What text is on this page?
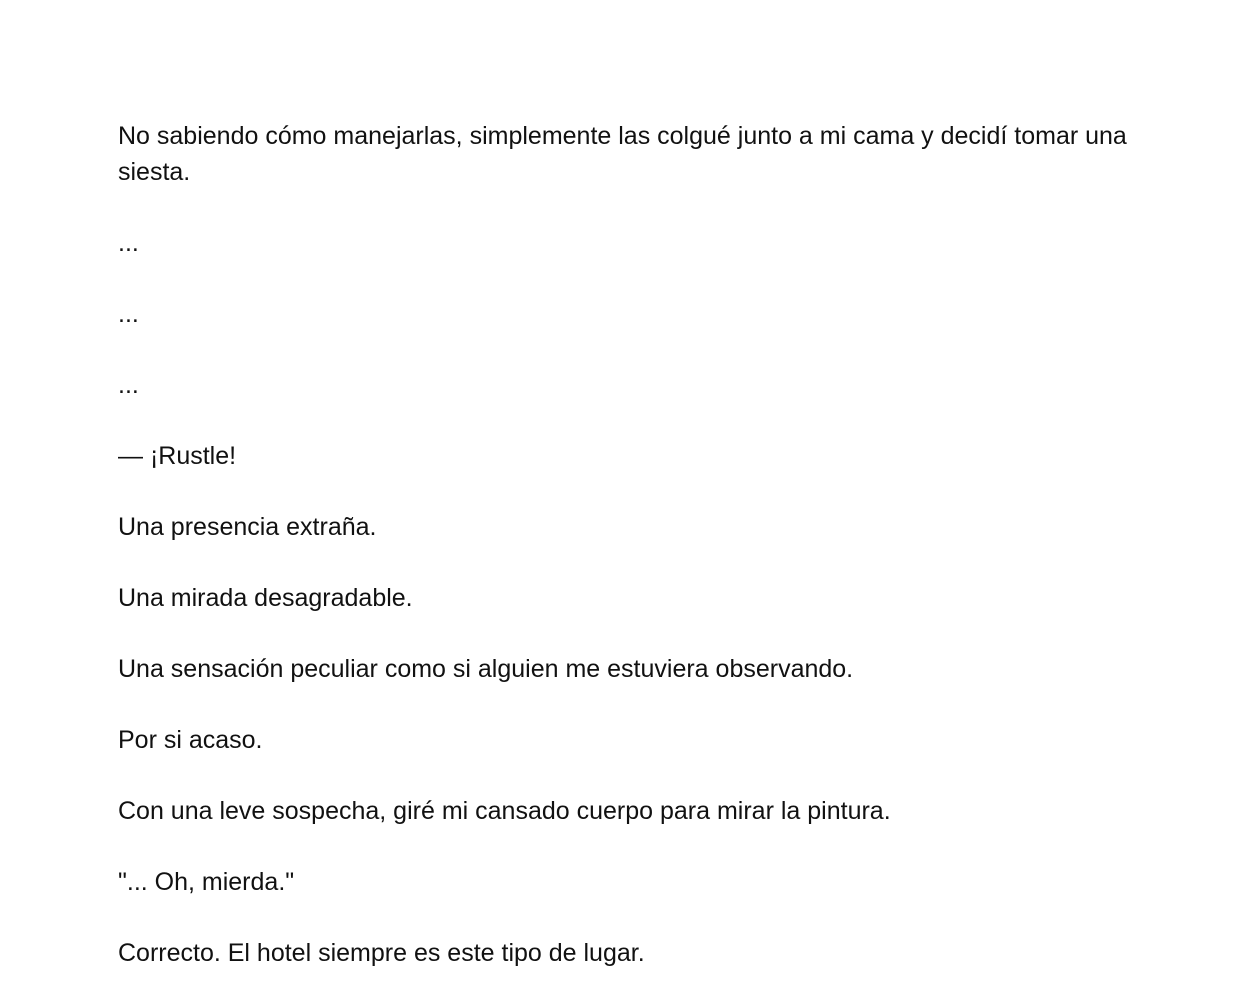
No sabiendo cómo manejarlas, simplemente las colgué junto a mi cama y decidí tomar una siesta.

...

...

...

— ¡Rustle!

Una presencia extraña.

Una mirada desagradable.

Una sensación peculiar como si alguien me estuviera observando.

Por si acaso.

Con una leve sospecha, giré mi cansado cuerpo para mirar la pintura.

"... Oh, mierda."

Correcto. El hotel siempre es este tipo de lugar.
